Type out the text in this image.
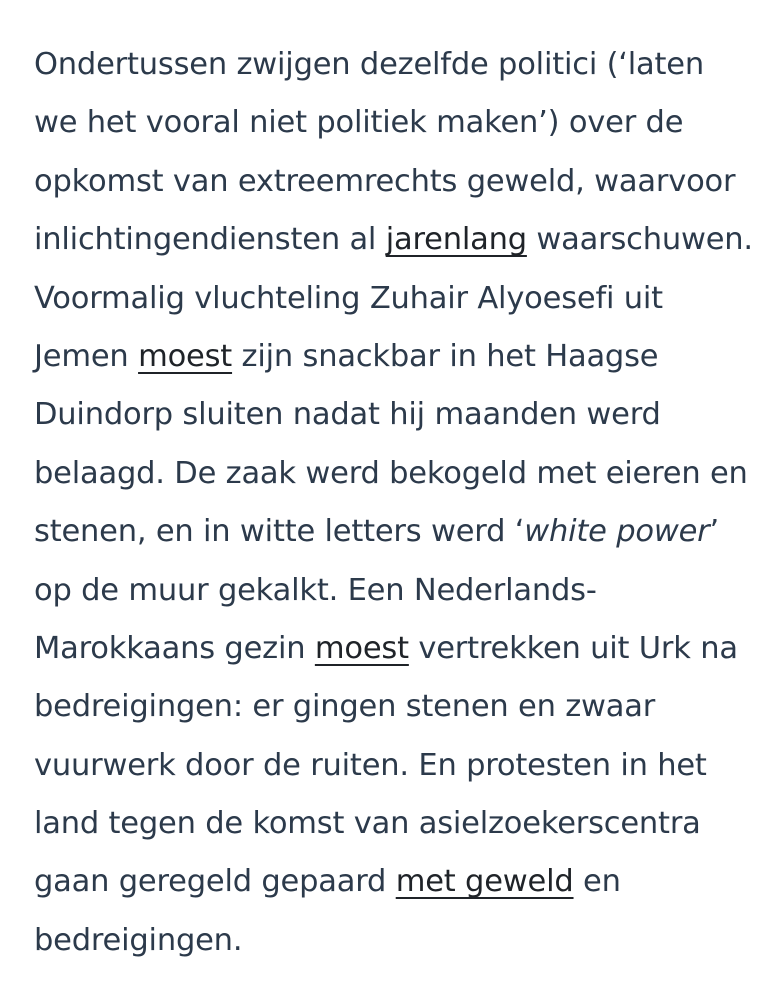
Ondertussen zwijgen dezelfde politici (‘laten
we het vooral niet politiek maken’) over de
opkomst van extreemrechts geweld, waarvoor
inlichtingendiensten al jarenlang waarschuwen.
Voormalig vluchteling Zuhair Alyoesefi uit
Jemen moest zijn snackbar in het Haagse
Duindorp sluiten nadat hij maanden werd
belaagd. De zaak werd bekogeld met eieren en
stenen, en in witte letters werd ‘white power’
op de muur gekalkt. Een Nederlands-
Marokkaans gezin moest vertrekken uit Urk na
bedreigingen: er gingen stenen en zwaar
vuurwerk door de ruiten. En protesten in het
land tegen de komst van asielzoekerscentra
gaan geregeld gepaard met geweld en
bedreigingen.
